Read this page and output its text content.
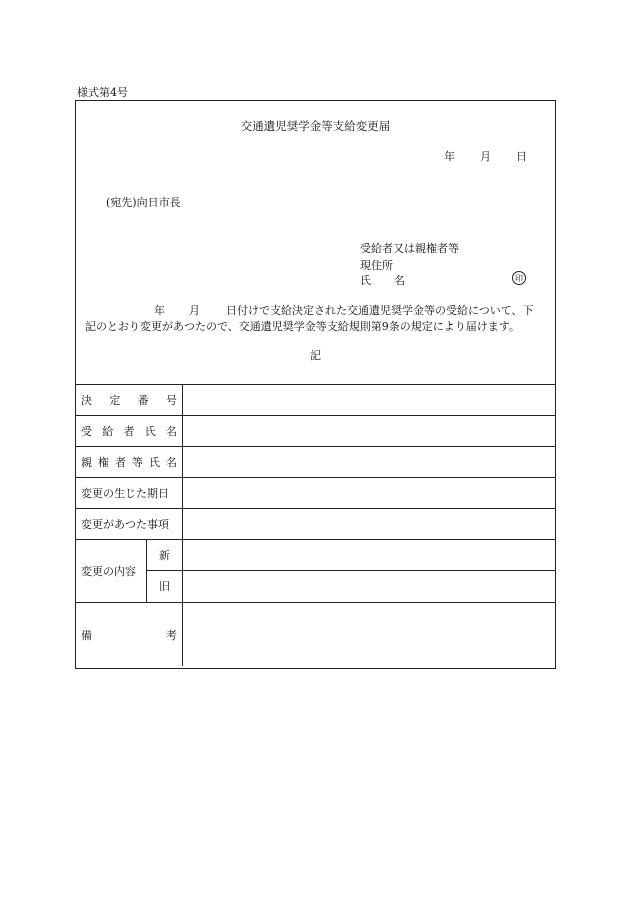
様式第4号
交通遺児奨学金等支給変更届
年 月 日
(宛先)向日市長
受給者又は親権者等
現住所
氏 名	印
年 月 日付けで支給決定された交通遺児奨学金等の受給について、下
記のとおり変更があつたので、交通遺児奨学金等支給規則第9条の規定により届けます。
記
決 定 番 号
受 給 者 氏 名
親 権 者 等 氏 名
変更の生じた期日
変更があつた事項
変更の内容
新
旧
備	考
